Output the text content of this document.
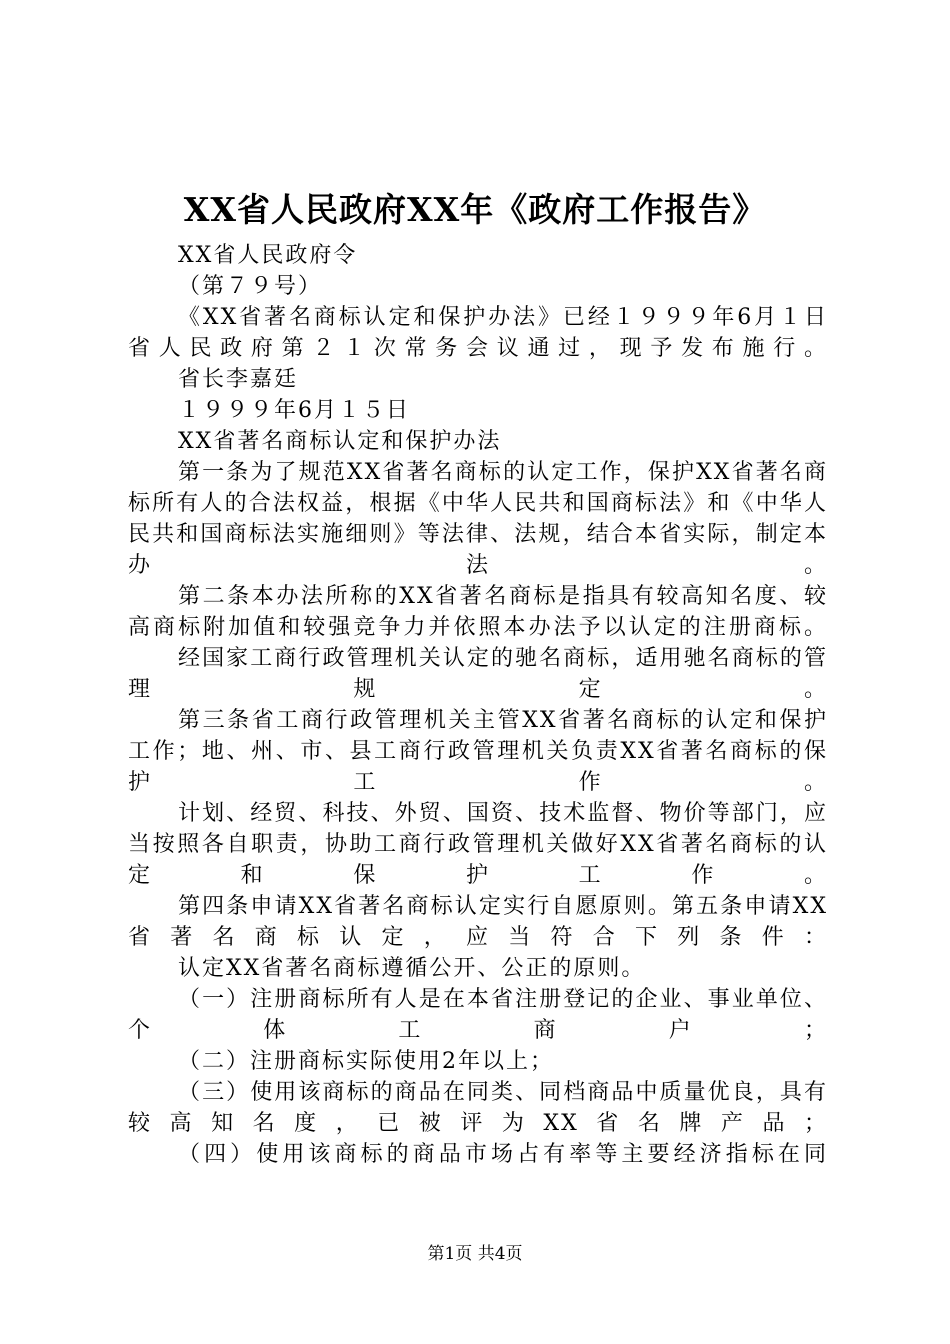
XX省人民政府XX年《政府工作报告》

XX省人民政府令

（第７９号）

《XX省著名商标认定和保护办法》已经１９９９年6月１日省人民政府第２１次常务会议通过，现予发布施行。

省长李嘉廷

１９９９年6月１５日

XX省著名商标认定和保护办法

第一条为了规范XX省著名商标的认定工作，保护XX省著名商标所有人的合法权益，根据《中华人民共和国商标法》和《中华人民共和国商标法实施细则》等法律、法规，结合本省实际，制定本办法。

第二条本办法所称的XX省著名商标是指具有较高知名度、较高商标附加值和较强竞争力并依照本办法予以认定的注册商标。

经国家工商行政管理机关认定的驰名商标，适用驰名商标的管理规定。

第三条省工商行政管理机关主管XX省著名商标的认定和保护工作；地、州、市、县工商行政管理机关负责XX省著名商标的保护工作。

计划、经贸、科技、外贸、国资、技术监督、物价等部门，应当按照各自职责，协助工商行政管理机关做好XX省著名商标的认定和保护工作。

第四条申请XX省著名商标认定实行自愿原则。第五条申请XX省著名商标认定，应当符合下列条件：

认定XX省著名商标遵循公开、公正的原则。

（一）注册商标所有人是在本省注册登记的企业、事业单位、个体工商户；

（二）注册商标实际使用2年以上；

（三）使用该商标的商品在同类、同档商品中质量优良，具有较高知名度，已被评为XX省名牌产品；

（四）使用该商标的商品市场占有率等主要经济指标在同

第1页 共4页
